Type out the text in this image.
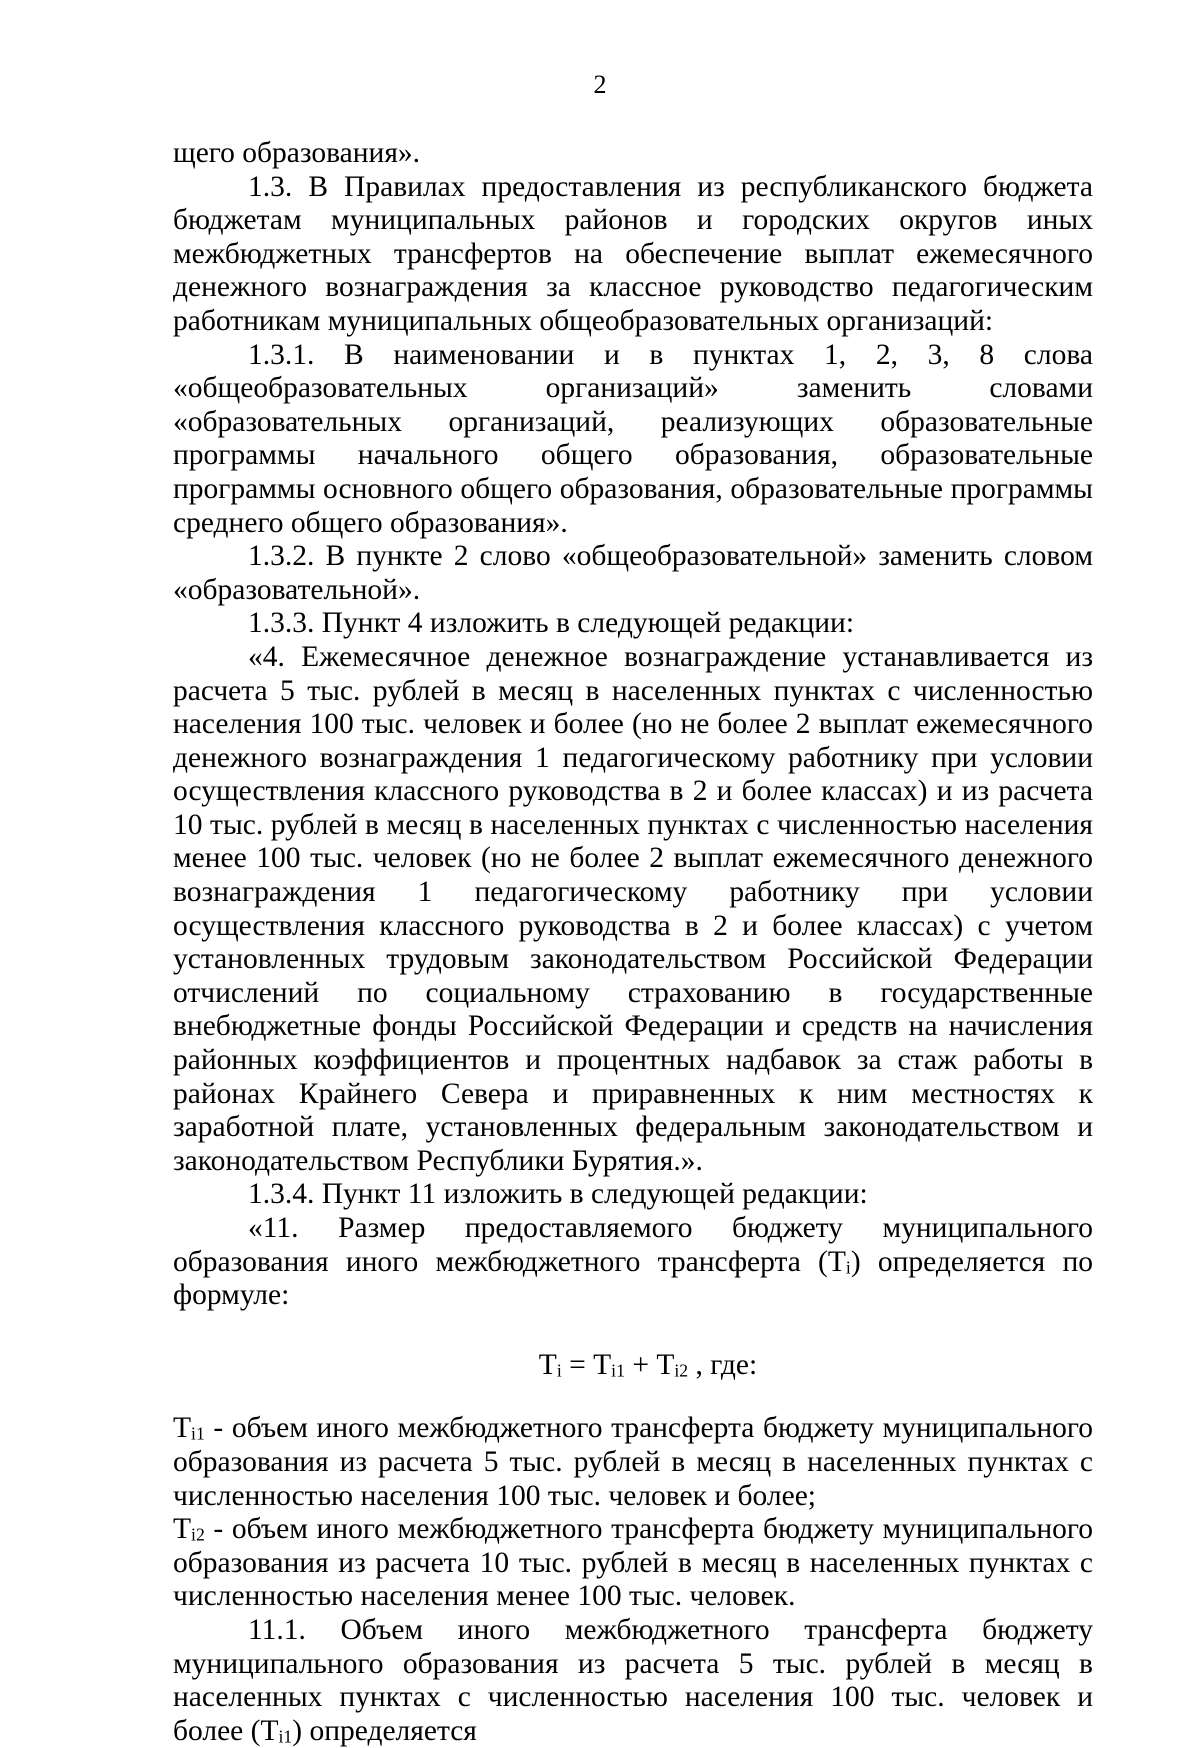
2

щего образования».

1.3. В Правилах предоставления из республиканского бюджета бюджетам муниципальных районов и городских округов иных межбюджетных трансфертов на обеспечение выплат ежемесячного денежного вознаграждения за классное руководство педагогическим работникам муниципальных общеобразовательных организаций:

1.3.1. В наименовании и в пунктах 1, 2, 3, 8 слова «общеобразовательных организаций» заменить словами «образовательных организаций, реализующих образовательные программы начального общего образования, образовательные программы основного общего образования, образовательные программы среднего общего образования».

1.3.2. В пункте 2 слово «общеобразовательной» заменить словом «образовательной».

1.3.3. Пункт 4 изложить в следующей редакции:

«4. Ежемесячное денежное вознаграждение устанавливается из расчета 5 тыс. рублей в месяц в населенных пунктах с численностью населения 100 тыс. человек и более (но не более 2 выплат ежемесячного денежного вознаграждения 1 педагогическому работнику при условии осуществления классного руководства в 2 и более классах) и из расчета 10 тыс. рублей в месяц в населенных пунктах с численностью населения менее 100 тыс. человек (но не более 2 выплат ежемесячного денежного вознаграждения 1 педагогическому работнику при условии осуществления классного руководства в 2 и более классах) с учетом установленных трудовым законодательством Российской Федерации отчислений по социальному страхованию в государственные внебюджетные фонды Российской Федерации и средств на начисления районных коэффициентов и процентных надбавок за стаж работы в районах Крайнего Севера и приравненных к ним местностях к заработной плате, установленных федеральным законодательством и законодательством Республики Бурятия.».

1.3.4. Пункт 11 изложить в следующей редакции:

«11. Размер предоставляемого бюджету муниципального образования иного межбюджетного трансферта $(Т_i)$ определяется по формуле:

$Т_i = Т_{i1} + Т_{i2}$ , где:

$Т_{i1}$ - объем иного межбюджетного трансферта бюджету муниципального образования из расчета 5 тыс. рублей в месяц в населенных пунктах с численностью населения 100 тыс. человек и более;

$Т_{i2}$ - объем иного межбюджетного трансферта бюджету муниципального образования из расчета 10 тыс. рублей в месяц в населенных пунктах с численностью населения менее 100 тыс. человек.

11.1. Объем иного межбюджетного трансферта бюджету муниципального образования из расчета 5 тыс. рублей в месяц в населенных пунктах с численностью населения 100 тыс. человек и более $(Т_{i1})$ определяется
